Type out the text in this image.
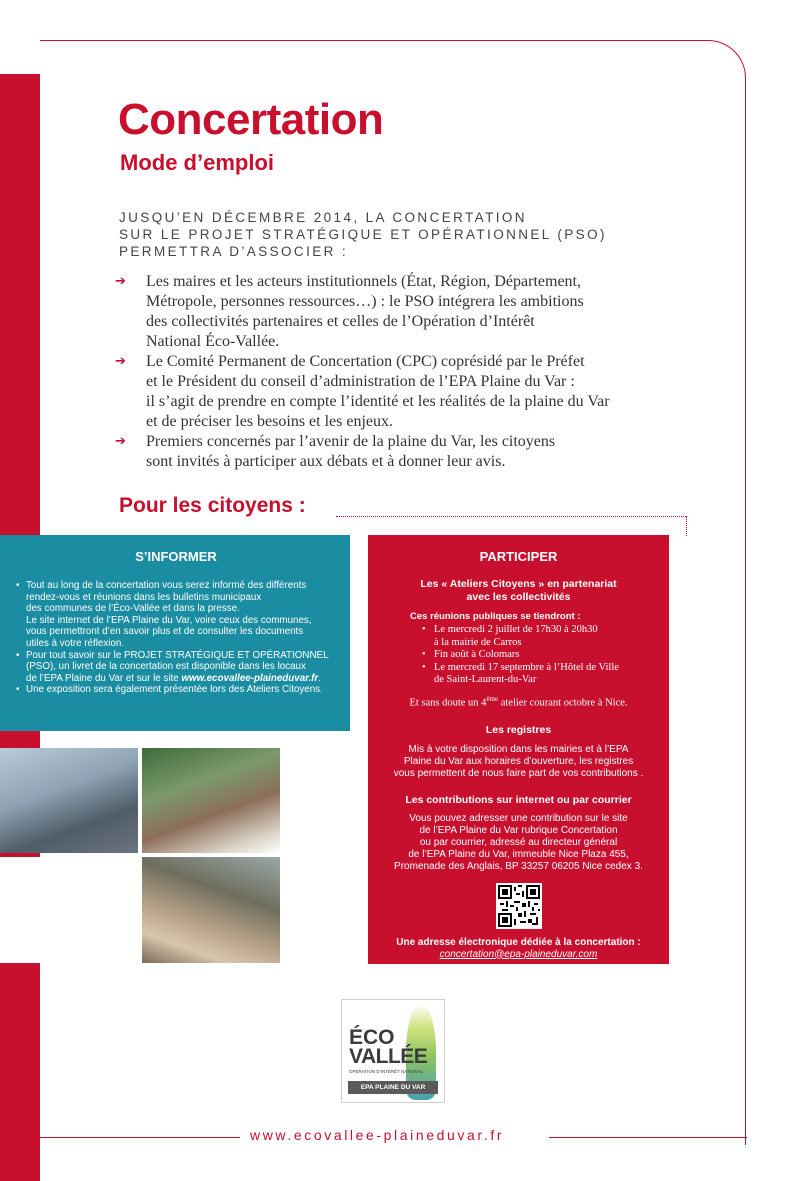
Concertation
Mode d’emploi
JUSQU’EN DÉCEMBRE 2014, LA CONCERTATION
SUR LE PROJET STRATÉGIQUE ET OPÉRATIONNEL (PSO)
PERMETTRA D’ASSOCIER :
➔ Les maires et les acteurs institutionnels (État, Région, Département,
Métropole, personnes ressources…) : le PSO intégrera les ambitions
des collectivités partenaires et celles de l’Opération d’Intérêt
National Éco-Vallée.
➔ Le Comité Permanent de Concertation (CPC) coprésidé par le Préfet
et le Président du conseil d’administration de l’EPA Plaine du Var :
il s’agit de prendre en compte l’identité et les réalités de la plaine du Var
et de préciser les besoins et les enjeux.
➔ Premiers concernés par l’avenir de la plaine du Var, les citoyens
sont invités à participer aux débats et à donner leur avis.
Pour les citoyens :
S’INFORMER
• Tout au long de la concertation vous serez informé des différents
rendez-vous et réunions dans les bulletins municipaux
des communes de l’Éco-Vallée et dans la presse.
Le site internet de l’EPA Plaine du Var, voire ceux des communes,
vous permettront d’en savoir plus et de consulter les documents
utiles à votre réflexion.
• Pour tout savoir sur le PROJET STRATÉGIQUE ET OPÉRATIONNEL
(PSO), un livret de la concertation est disponible dans les locaux
de l’EPA Plaine du Var et sur le site www.ecovallee-plaineduvar.fr.
• Une exposition sera également présentée lors des Ateliers Citoyens.
PARTICIPER
Les « Ateliers Citoyens » en partenariat
avec les collectivités
Ces réunions publiques se tiendront :
• Le mercredi 2 juillet de 17h30 à 20h30
à la mairie de Carros
• Fin août à Colomars
• Le mercredi 17 septembre à l’Hôtel de Ville
de Saint-Laurent-du-Var
Et sans doute un 4ème atelier courant octobre à Nice.
Les registres
Mis à votre disposition dans les mairies et à l’EPA
Plaine du Var aux horaires d’ouverture, les registres
vous permettent de nous faire part de vos contributions .
Les contributions sur internet ou par courrier
Vous pouvez adresser une contribution sur le site
de l’EPA Plaine du Var rubrique Concertation
ou par courrier, adressé au directeur général
de l’EPA Plaine du Var, immeuble Nice Plaza 455,
Promenade des Anglais, BP 33257 06205 Nice cedex 3.
Une adresse électronique dédiée à la concertation :
concertation@epa-plaineduvar.com
ÉCO
VALLÉE
OPÉRATION D’INTÉRÊT NATIONAL
EPA PLAINE DU VAR
www.ecovallee-plaineduvar.fr
